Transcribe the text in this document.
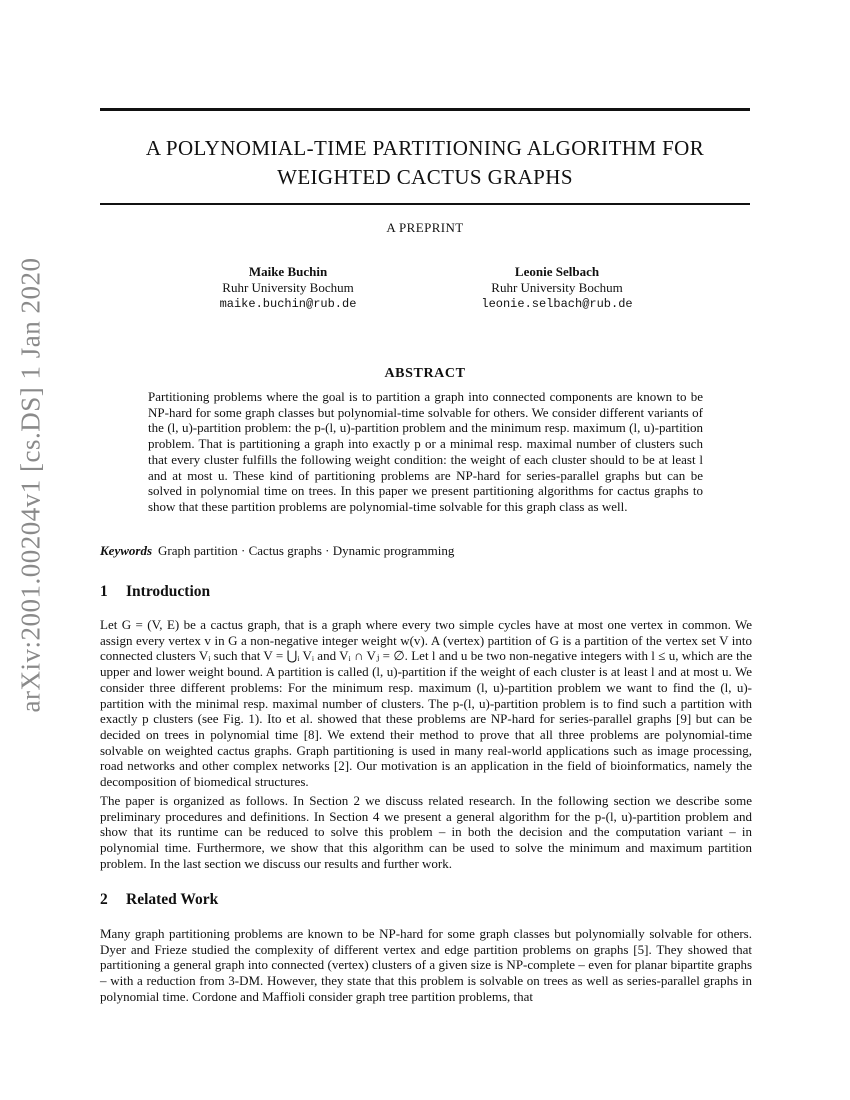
arXiv:2001.00204v1 [cs.DS] 1 Jan 2020
A POLYNOMIAL-TIME PARTITIONING ALGORITHM FOR
WEIGHTED CACTUS GRAPHS
A PREPRINT
Maike Buchin
Ruhr University Bochum
maike.buchin@rub.de
Leonie Selbach
Ruhr University Bochum
leonie.selbach@rub.de
ABSTRACT
Partitioning problems where the goal is to partition a graph into connected components are known to be NP-hard for some graph classes but polynomial-time solvable for others. We consider different variants of the (l, u)-partition problem: the p-(l, u)-partition problem and the minimum resp. maximum (l, u)-partition problem. That is partitioning a graph into exactly p or a minimal resp. maximal number of clusters such that every cluster fulfills the following weight condition: the weight of each cluster should to be at least l and at most u. These kind of partitioning problems are NP-hard for series-parallel graphs but can be solved in polynomial time on trees. In this paper we present partitioning algorithms for cactus graphs to show that these partition problems are polynomial-time solvable for this graph class as well.
Keywords Graph partition · Cactus graphs · Dynamic programming
1 Introduction
Let G = (V, E) be a cactus graph, that is a graph where every two simple cycles have at most one vertex in common. We assign every vertex v in G a non-negative integer weight w(v). A (vertex) partition of G is a partition of the vertex set V into connected clusters Vᵢ such that V = ⋃ᵢ Vᵢ and Vᵢ ∩ Vⱼ = ∅. Let l and u be two non-negative integers with l ≤ u, which are the upper and lower weight bound. A partition is called (l, u)-partition if the weight of each cluster is at least l and at most u. We consider three different problems: For the minimum resp. maximum (l, u)-partition problem we want to find the (l, u)-partition with the minimal resp. maximal number of clusters. The p-(l, u)-partition problem is to find such a partition with exactly p clusters (see Fig. 1). Ito et al. showed that these problems are NP-hard for series-parallel graphs [9] but can be decided on trees in polynomial time [8]. We extend their method to prove that all three problems are polynomial-time solvable on weighted cactus graphs. Graph partitioning is used in many real-world applications such as image processing, road networks and other complex networks [2]. Our motivation is an application in the field of bioinformatics, namely the decomposition of biomedical structures.
The paper is organized as follows. In Section 2 we discuss related research. In the following section we describe some preliminary procedures and definitions. In Section 4 we present a general algorithm for the p-(l, u)-partition problem and show that its runtime can be reduced to solve this problem – in both the decision and the computation variant – in polynomial time. Furthermore, we show that this algorithm can be used to solve the minimum and maximum partition problem. In the last section we discuss our results and further work.
2 Related Work
Many graph partitioning problems are known to be NP-hard for some graph classes but polynomially solvable for others. Dyer and Frieze studied the complexity of different vertex and edge partition problems on graphs [5]. They showed that partitioning a general graph into connected (vertex) clusters of a given size is NP-complete – even for planar bipartite graphs – with a reduction from 3-DM. However, they state that this problem is solvable on trees as well as series-parallel graphs in polynomial time. Cordone and Maffioli consider graph tree partition problems, that
